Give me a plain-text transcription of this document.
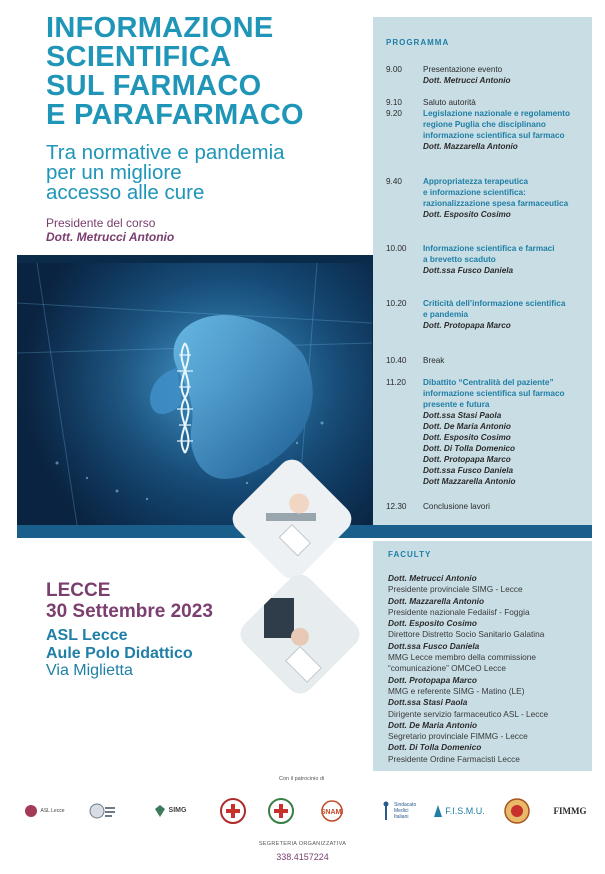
INFORMAZIONE
SCIENTIFICA
SUL FARMACO
E PARAFARMACO
Tra normative e pandemia
per un migliore
accesso alle cure
Presidente del corso
Dott. Metrucci Antonio
PROGRAMMA
9.00	Presentazione evento
Dott. Metrucci Antonio
9.10	Saluto autorità
9.20	Legislazione nazionale e regolamento
regione Puglia che disciplinano
informazione scientifica sul farmaco
Dott. Mazzarella Antonio
9.40	Appropriatezza terapeutica
e informazione scientifica:
razionalizzazione spesa farmaceutica
Dott. Esposito Cosimo
10.00	Informazione scientifica e farmaci
a brevetto scaduto
Dott.ssa Fusco Daniela
10.20	Criticità dell’informazione scientifica
e pandemia
Dott. Protopapa Marco
10.40	Break
11.20	Dibattito “Centralità del paziente”
informazione scientifica sul farmaco
presente e futura
Dott.ssa Stasi Paola
Dott. De Maria Antonio
Dott. Esposito Cosimo
Dott. Di Tolla Domenico
Dott. Protopapa Marco
Dott.ssa Fusco Daniela
Dott Mazzarella Antonio
12.30	Conclusione lavori
FACULTY
Dott. Metrucci Antonio
Presidente provinciale SIMG - Lecce
Dott. Mazzarella Antonio
Presidente nazionale Fedaiisf - Foggia
Dott. Esposito Cosimo
Direttore Distretto Socio Sanitario Galatina
Dott.ssa Fusco Daniela
MMG Lecce membro della commissione
“comunicazione” OMCeO Lecce
Dott. Protopapa Marco
MMG e referente SIMG - Matino (LE)
Dott.ssa Stasi Paola
Dirigente servizio farmaceutico ASL - Lecce
Dott. De Maria Antonio
Segretario provinciale FIMMG - Lecce
Dott. Di Tolla Domenico
Presidente Ordine Farmacisti Lecce
LECCE
30 Settembre 2023
ASL Lecce
Aule Polo Didattico
Via Miglietta
Con il patrocinio di
ASL Lecce	SIMG	SNAMI
Sindacato Medici Italiani
F.I.S.M.U.	FIMMG
SEGRETERIA ORGANIZZATIVA
338.4157224
